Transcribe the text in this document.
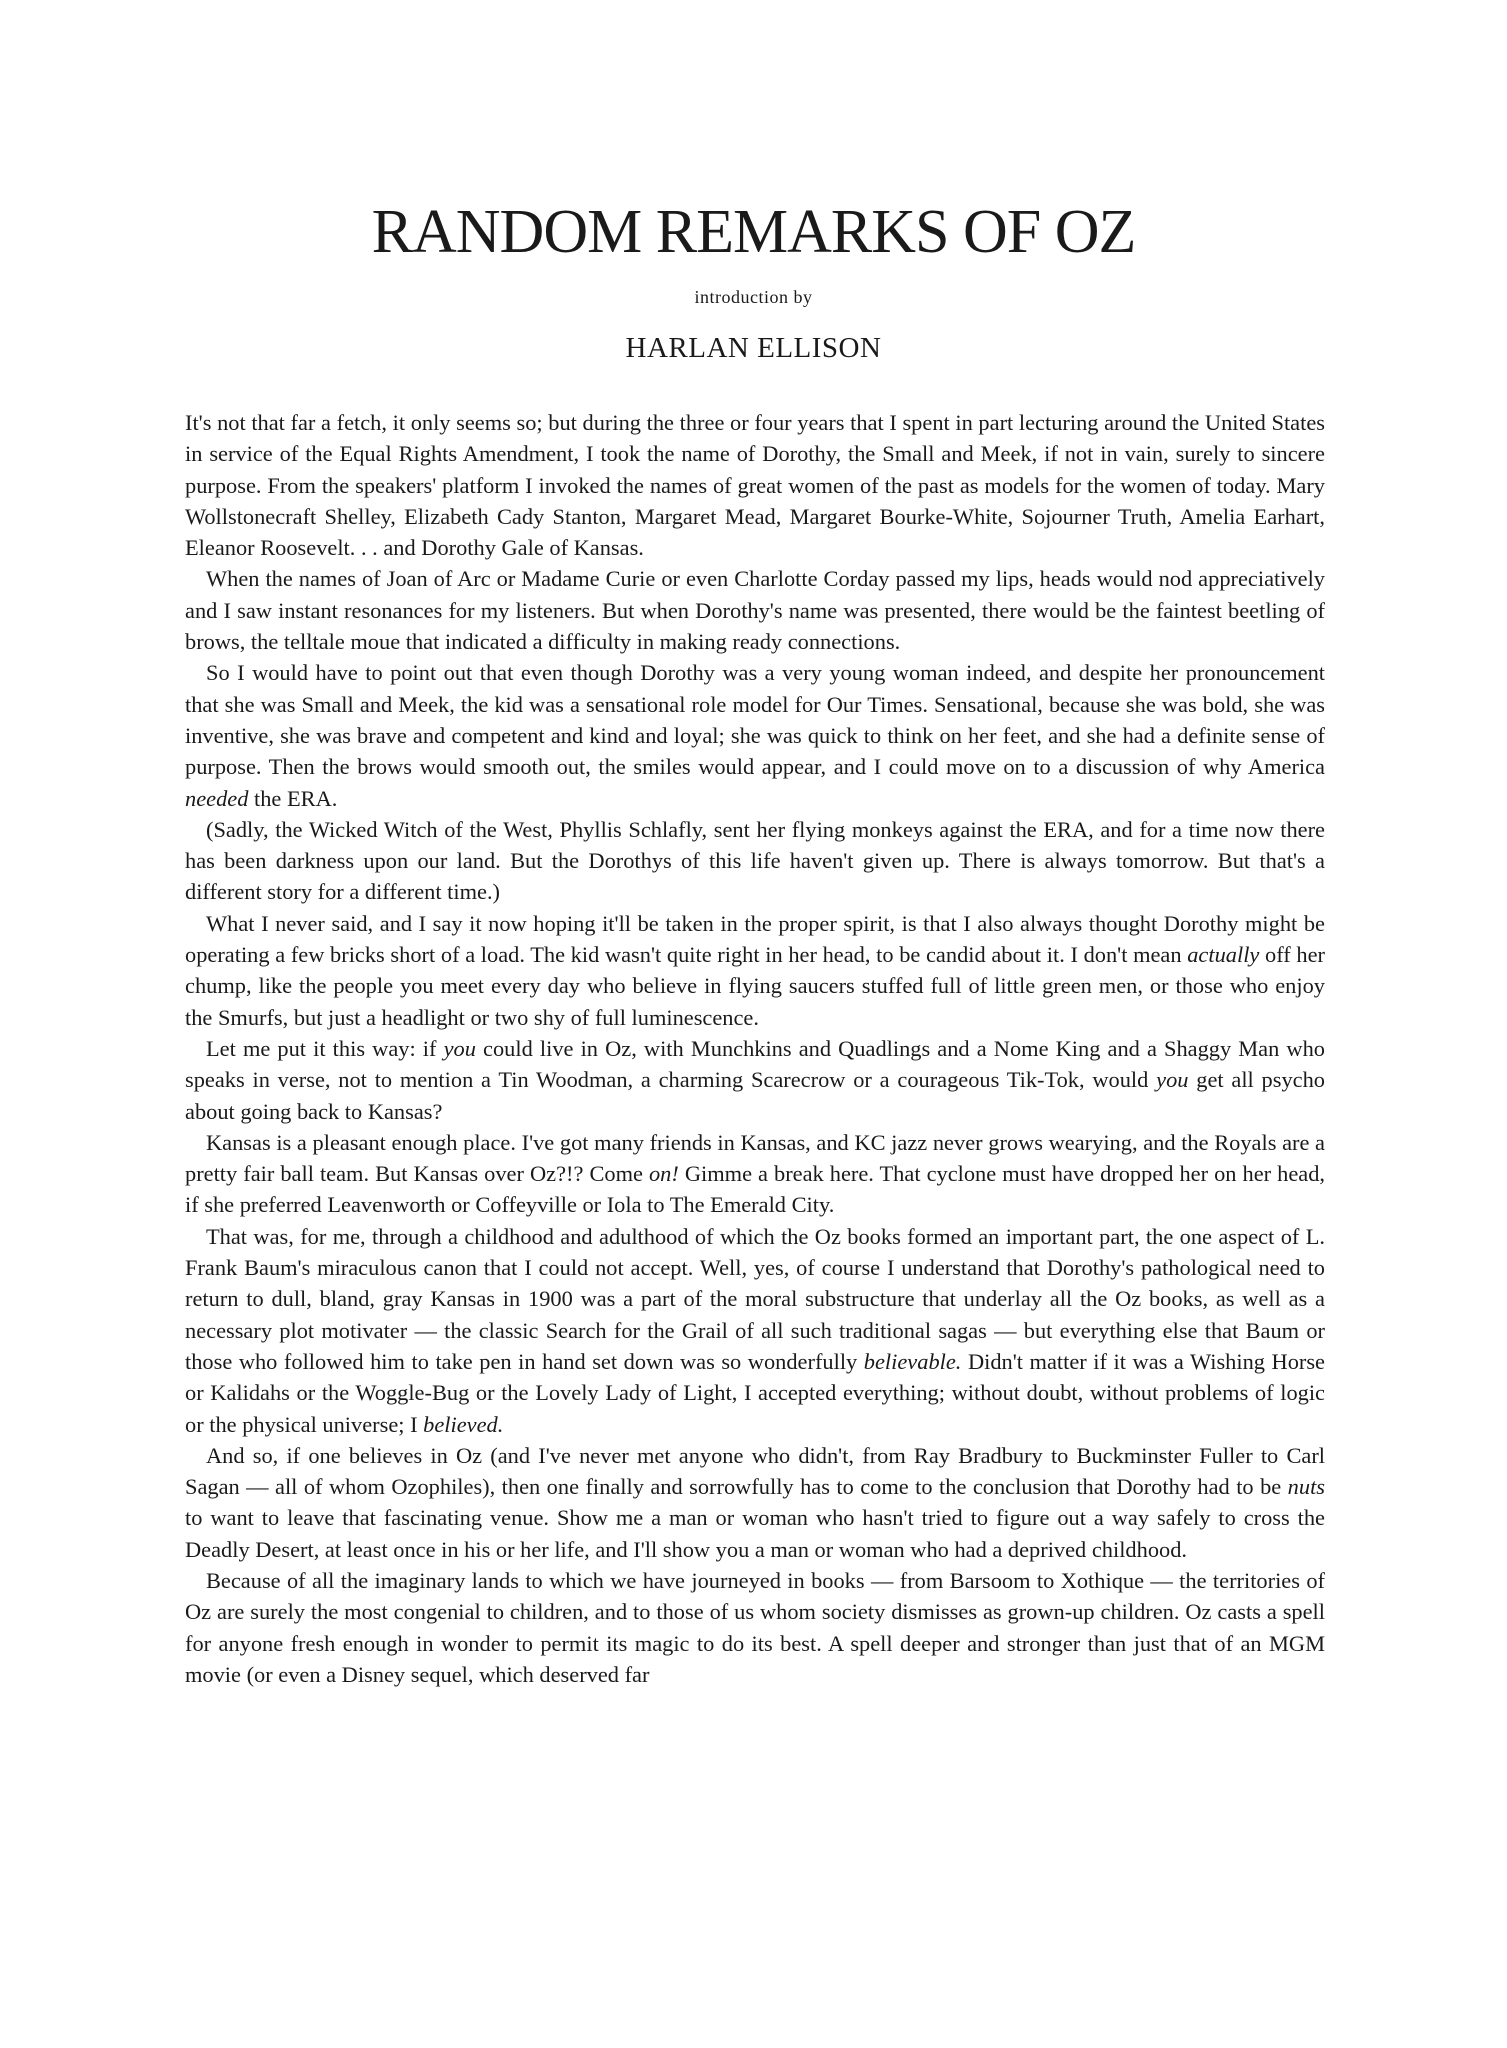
RANDOM REMARKS OF OZ
introduction by
HARLAN ELLISON

It's not that far a fetch, it only seems so; but during the three or four years that I spent in part lecturing around the United States in service of the Equal Rights Amendment, I took the name of Dorothy, the Small and Meek, if not in vain, surely to sincere purpose. From the speakers' platform I invoked the names of great women of the past as models for the women of today. Mary Wollstonecraft Shelley, Elizabeth Cady Stanton, Margaret Mead, Margaret Bourke-White, Sojourner Truth, Amelia Earhart, Eleanor Roosevelt. . . and Dorothy Gale of Kansas.

When the names of Joan of Arc or Madame Curie or even Charlotte Corday passed my lips, heads would nod appreciatively and I saw instant resonances for my listeners. But when Dorothy's name was presented, there would be the faintest beetling of brows, the telltale moue that indicated a difficulty in making ready connections.

So I would have to point out that even though Dorothy was a very young woman indeed, and despite her pronouncement that she was Small and Meek, the kid was a sensational role model for Our Times. Sensational, because she was bold, she was inventive, she was brave and competent and kind and loyal; she was quick to think on her feet, and she had a definite sense of purpose. Then the brows would smooth out, the smiles would appear, and I could move on to a discussion of why America needed the ERA.

(Sadly, the Wicked Witch of the West, Phyllis Schlafly, sent her flying monkeys against the ERA, and for a time now there has been darkness upon our land. But the Dorothys of this life haven't given up. There is always tomorrow. But that's a different story for a different time.)

What I never said, and I say it now hoping it'll be taken in the proper spirit, is that I also always thought Dorothy might be operating a few bricks short of a load. The kid wasn't quite right in her head, to be candid about it. I don't mean actually off her chump, like the people you meet every day who believe in flying saucers stuffed full of little green men, or those who enjoy the Smurfs, but just a headlight or two shy of full luminescence.

Let me put it this way: if you could live in Oz, with Munchkins and Quadlings and a Nome King and a Shaggy Man who speaks in verse, not to mention a Tin Woodman, a charming Scarecrow or a courageous Tik-Tok, would you get all psycho about going back to Kansas?

Kansas is a pleasant enough place. I've got many friends in Kansas, and KC jazz never grows wearying, and the Royals are a pretty fair ball team. But Kansas over Oz?!? Come on! Gimme a break here. That cyclone must have dropped her on her head, if she preferred Leavenworth or Coffeyville or Iola to The Emerald City.

That was, for me, through a childhood and adulthood of which the Oz books formed an important part, the one aspect of L. Frank Baum's miraculous canon that I could not accept. Well, yes, of course I understand that Dorothy's pathological need to return to dull, bland, gray Kansas in 1900 was a part of the moral substructure that underlay all the Oz books, as well as a necessary plot motivater — the classic Search for the Grail of all such traditional sagas — but everything else that Baum or those who followed him to take pen in hand set down was so wonderfully believable. Didn't matter if it was a Wishing Horse or Kalidahs or the Woggle-Bug or the Lovely Lady of Light, I accepted everything; without doubt, without problems of logic or the physical universe; I believed.

And so, if one believes in Oz (and I've never met anyone who didn't, from Ray Bradbury to Buckminster Fuller to Carl Sagan — all of whom Ozophiles), then one finally and sorrowfully has to come to the conclusion that Dorothy had to be nuts to want to leave that fascinating venue. Show me a man or woman who hasn't tried to figure out a way safely to cross the Deadly Desert, at least once in his or her life, and I'll show you a man or woman who had a deprived childhood.

Because of all the imaginary lands to which we have journeyed in books — from Barsoom to Xothique — the territories of Oz are surely the most congenial to children, and to those of us whom society dismisses as grown-up children. Oz casts a spell for anyone fresh enough in wonder to permit its magic to do its best. A spell deeper and stronger than just that of an MGM movie (or even a Disney sequel, which deserved far
